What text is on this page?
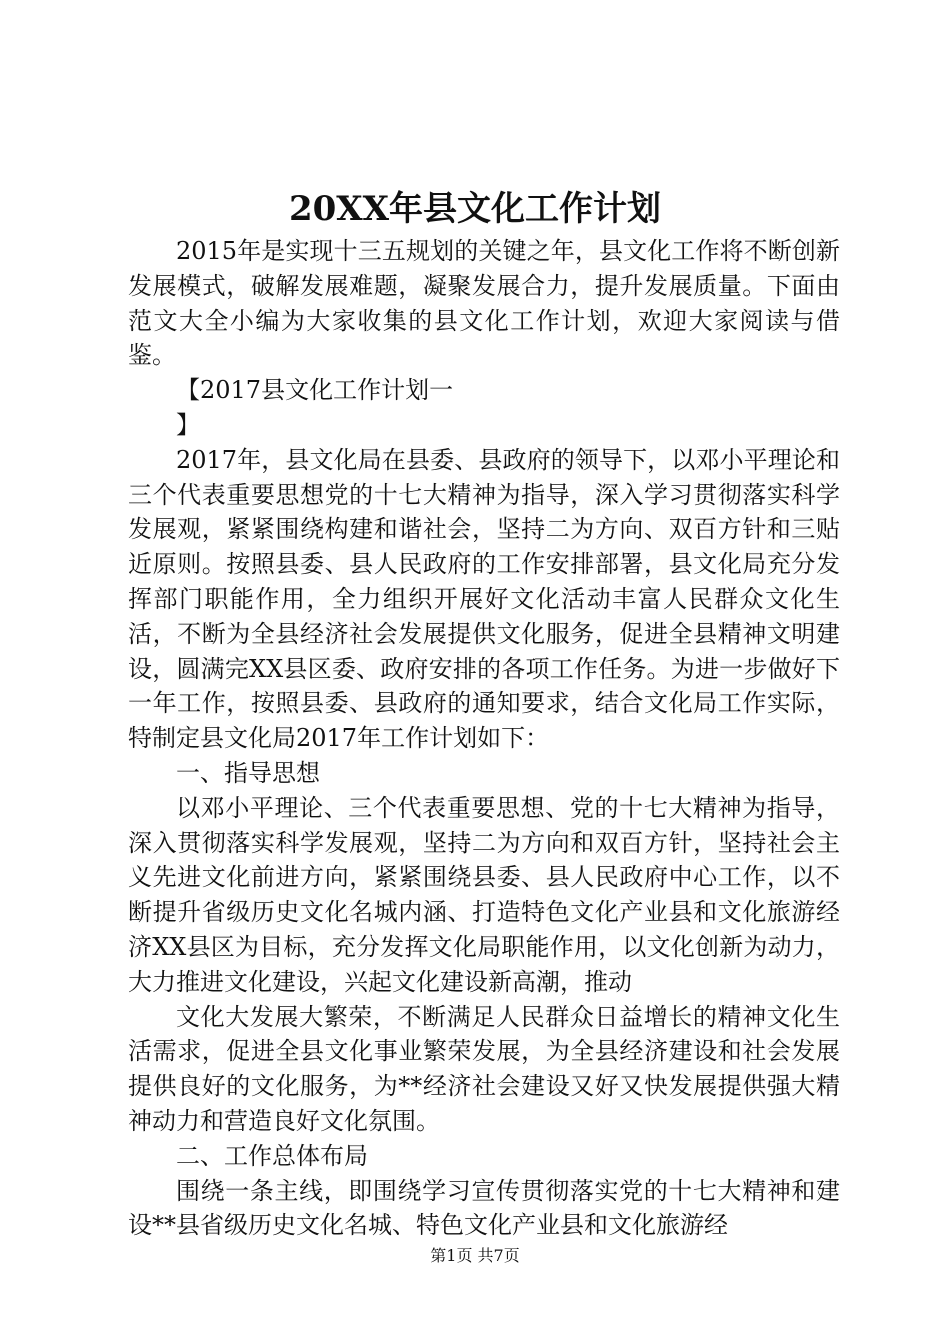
20XX年县文化工作计划

2015年是实现十三五规划的关键之年，县文化工作将不断创新发展模式，破解发展难题，凝聚发展合力，提升发展质量。下面由范文大全小编为大家收集的县文化工作计划，欢迎大家阅读与借鉴。

【2017县文化工作计划一

】

2017年，县文化局在县委、县政府的领导下，以邓小平理论和三个代表重要思想党的十七大精神为指导，深入学习贯彻落实科学发展观，紧紧围绕构建和谐社会，坚持二为方向、双百方针和三贴近原则。按照县委、县人民政府的工作安排部署，县文化局充分发挥部门职能作用，全力组织开展好文化活动丰富人民群众文化生活，不断为全县经济社会发展提供文化服务，促进全县精神文明建设，圆满完XX县区委、政府安排的各项工作任务。为进一步做好下一年工作，按照县委、县政府的通知要求，结合文化局工作实际，特制定县文化局2017年工作计划如下：

一、指导思想

以邓小平理论、三个代表重要思想、党的十七大精神为指导，深入贯彻落实科学发展观，坚持二为方向和双百方针，坚持社会主义先进文化前进方向，紧紧围绕县委、县人民政府中心工作，以不断提升省级历史文化名城内涵、打造特色文化产业县和文化旅游经济XX县区为目标，充分发挥文化局职能作用，以文化创新为动力，大力推进文化建设，兴起文化建设新高潮，推动

文化大发展大繁荣，不断满足人民群众日益增长的精神文化生活需求，促进全县文化事业繁荣发展，为全县经济建设和社会发展提供良好的文化服务，为**经济社会建设又好又快发展提供强大精神动力和营造良好文化氛围。

二、工作总体布局

围绕一条主线，即围绕学习宣传贯彻落实党的十七大精神和建设**县省级历史文化名城、特色文化产业县和文化旅游经

第1页 共7页
